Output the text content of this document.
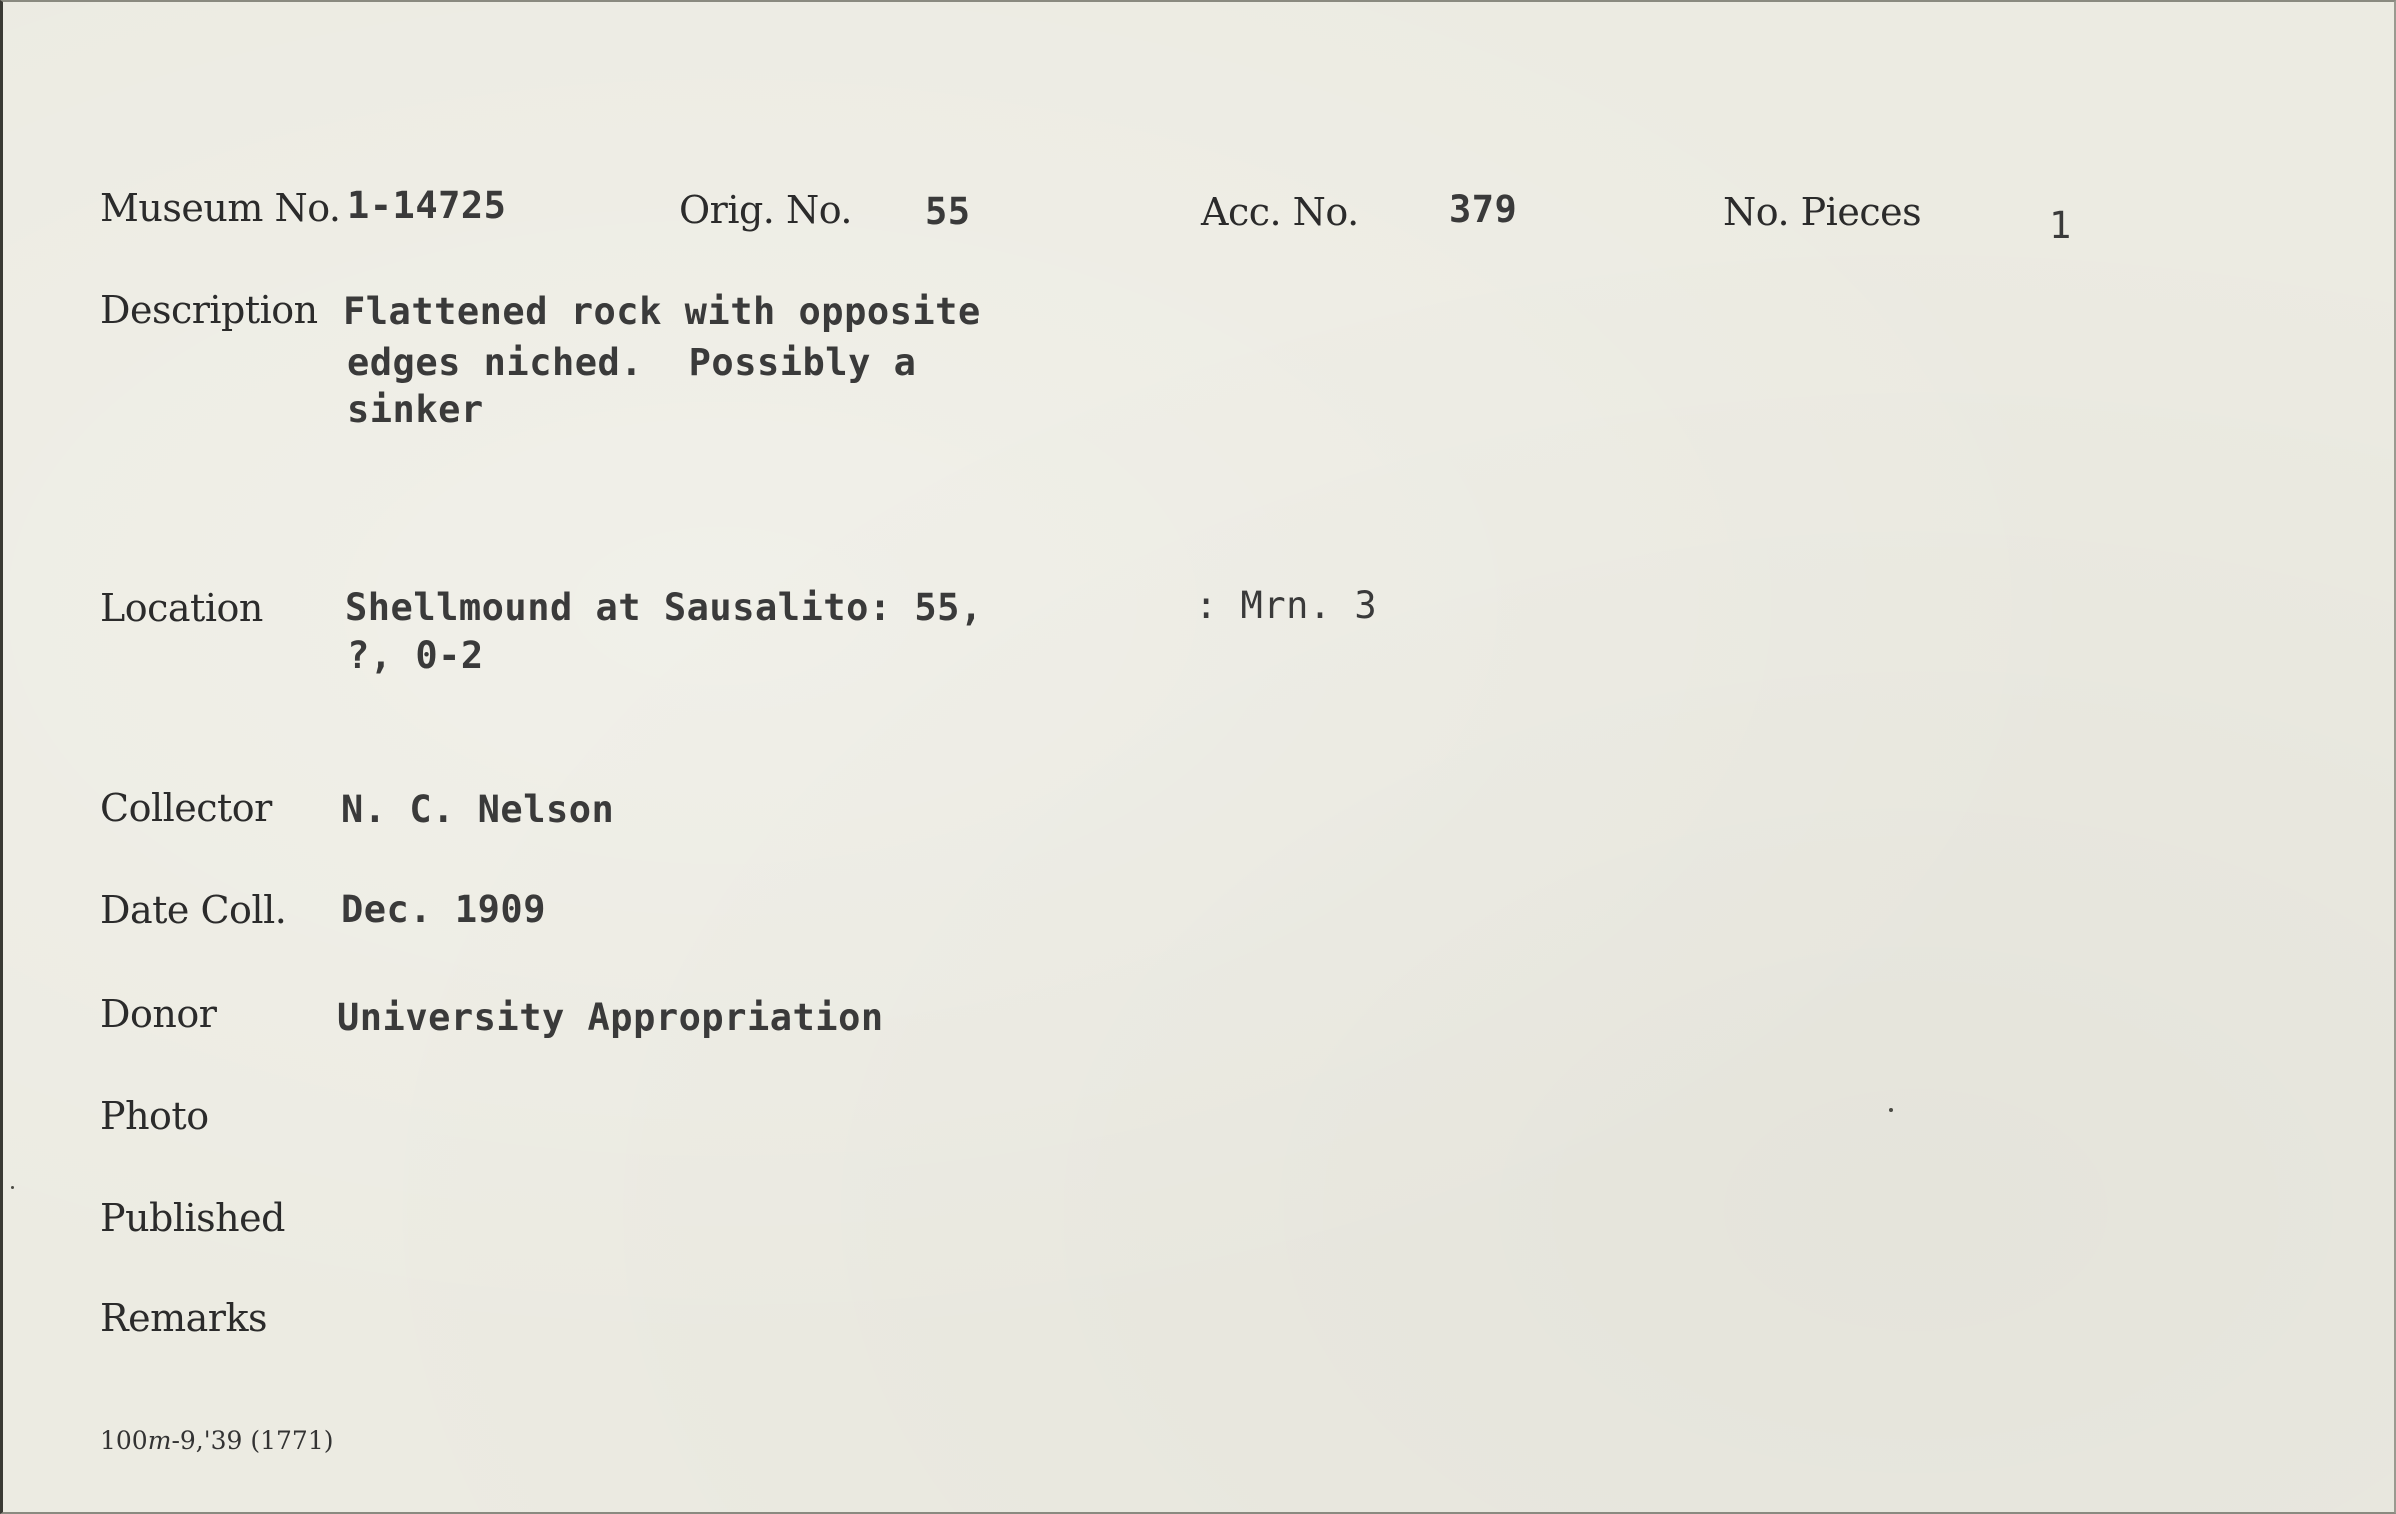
Museum No. 1-14725	Orig. No. 55	Acc. No. 379	No. Pieces	1
Description Flattened rock with opposite
edges niched.  Possibly a
sinker
Location Shellmound at Sausalito: 55,
?, 0-2
: Mrn. 3
Collector N. C. Nelson
Date Coll. Dec. 1909
Donor	University Appropriation
Photo
Published
Remarks
100m-9,'39 (1771)
